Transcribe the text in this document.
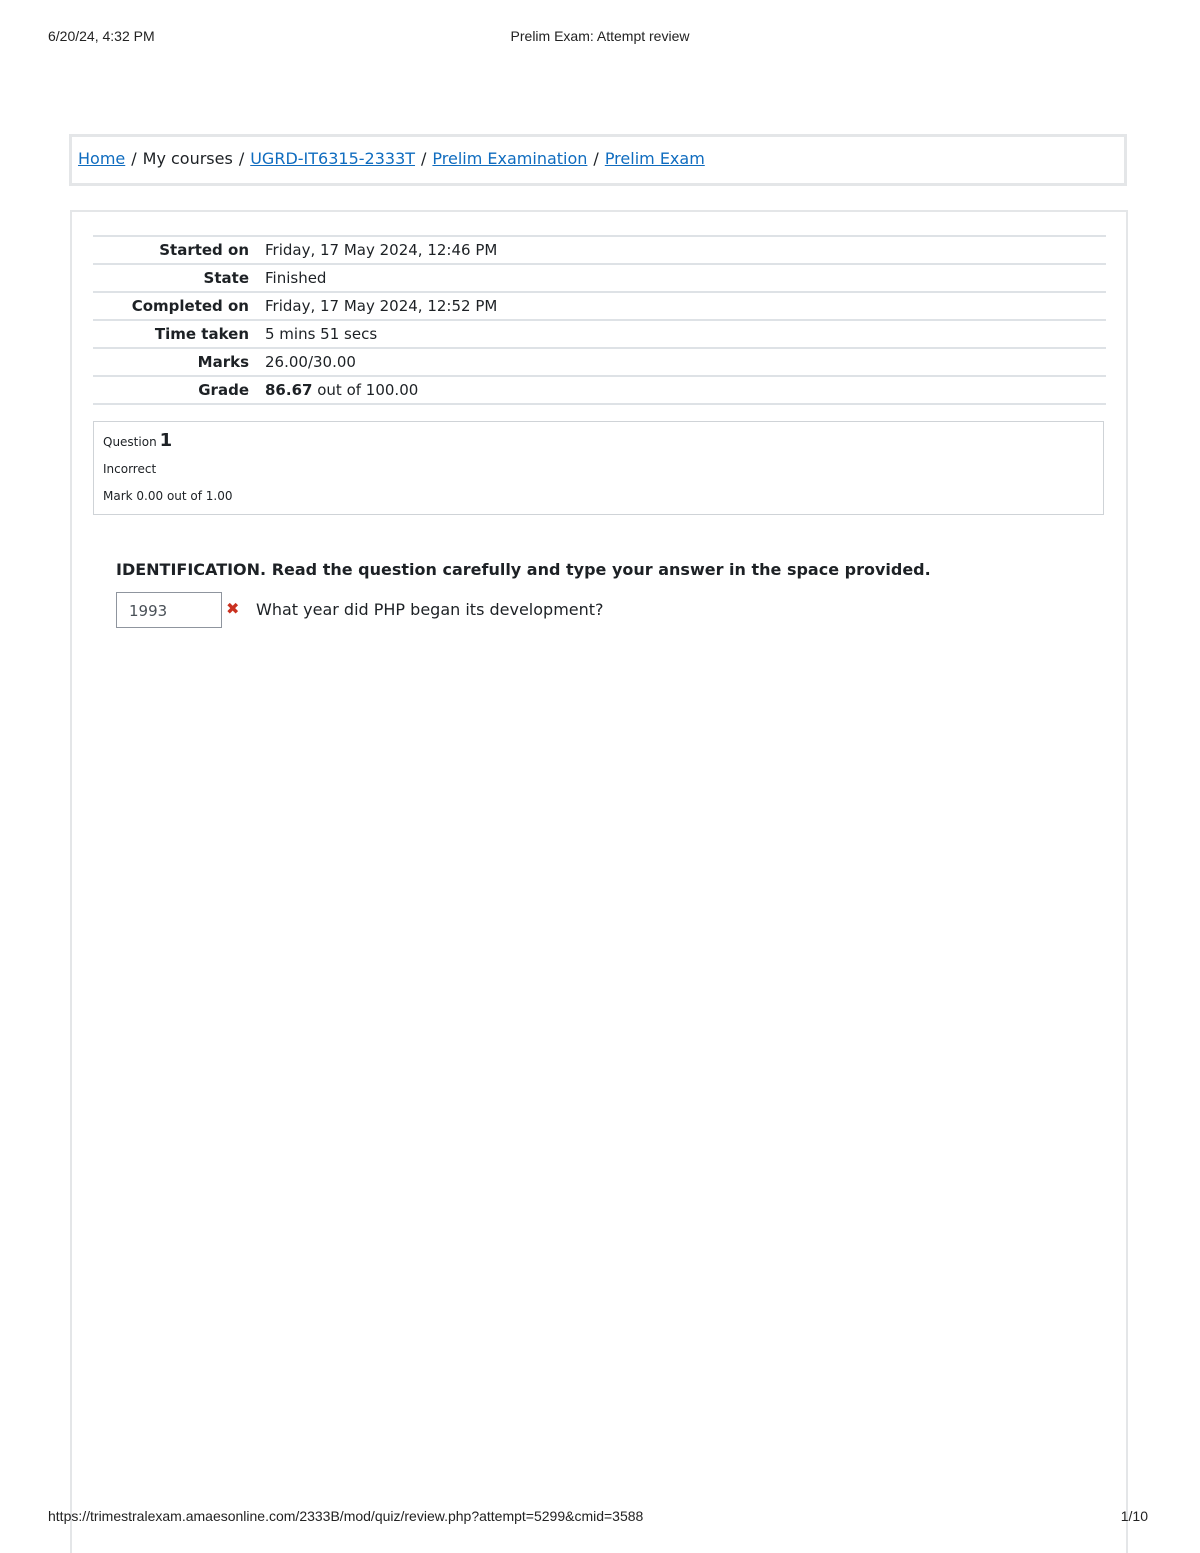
6/20/24, 4:32 PM	Prelim Exam: Attempt review
Home / My courses / UGRD-IT6315-2333T / Prelim Examination / Prelim Exam
Started on	Friday, 17 May 2024, 12:46 PM
State	Finished
Completed on	Friday, 17 May 2024, 12:52 PM
Time taken	5 mins 51 secs
Marks	26.00/30.00
Grade	86.67 out of 100.00
Question 1
Incorrect
Mark 0.00 out of 1.00
IDENTIFICATION. Read the question carefully and type your answer in the space provided.
1993	✖ What year did PHP began its development?
https://trimestralexam.amaesonline.com/2333B/mod/quiz/review.php?attempt=5299&cmid=3588	1/10
